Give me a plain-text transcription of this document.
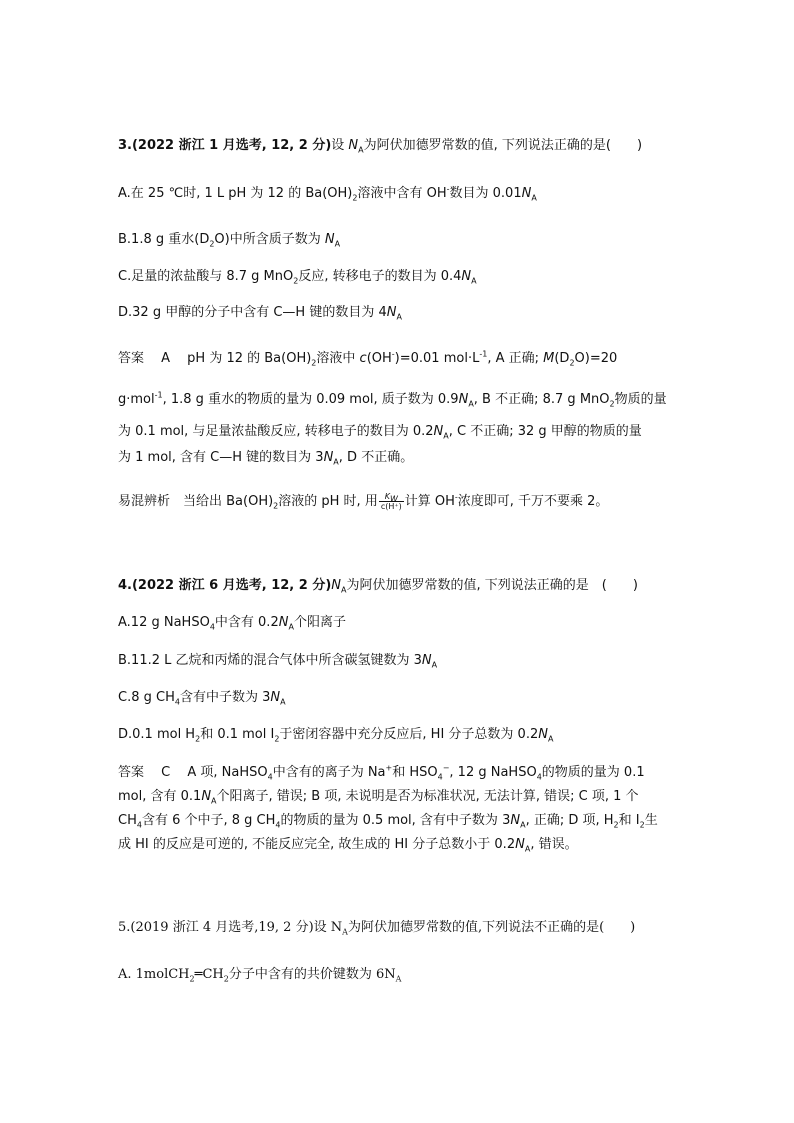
3.(2022 浙江 1 月选考, 12, 2 分)设 $N_A$为阿伏加德罗常数的值, 下列说法正确的是(　　)
A.在 25 ℃时, 1 L pH 为 12 的 $Ba(OH)_2$溶液中含有 OH-数目为 $0.01N_A$
B.1.8 g 重水$(D_2O)$中所含质子数为 $N_A$
C.足量的浓盐酸与 8.7 g MnO$_2$反应, 转移电子的数目为 $0.4N_A$
D.32 g 甲醇的分子中含有 C—H 键的数目为 $4N_A$
答案　 A 　pH 为 12 的 $Ba(OH)_2$溶液中 c(OH-)=0.01 $mol\cdot L^{-1}$, A 正确; $M(D_2O)=20$
g·mol$^{-1}$, 1.8 g 重水的物质的量为 0.09 mol, 质子数为 $0.9N_A$, B 不正确; 8.7 g MnO$_2$物质的量
为 0.1 mol, 与足量浓盐酸反应, 转移电子的数目为 $0.2N_A$, C 不正确; 32 g 甲醇的物质的量
为 1 mol, 含有 C—H 键的数目为 $3N_A$, D 不正确。
易混辨析　当给出 $Ba(OH)_2$溶液的 pH 时, 用 $\frac{K_W}{c(H^+)}$ 计算 OH-浓度即可, 千万不要乘 2。
4.(2022 浙江 6 月选考, 12, 2 分)$N_A$为阿伏加德罗常数的值, 下列说法正确的是　(　　)
A.12 g NaHSO$_4$中含有 $0.2N_A$个阳离子
B.11.2 L 乙烷和丙烯的混合气体中所含碳氢键数为 $3N_A$
C.8 g $CH_4$含有中子数为 $3N_A$
D.0.1 mol $H_2$和 0.1 mol $I_2$于密闭容器中充分反应后, HI 分子总数为 $0.2N_A$
答案　 C 　A 项, NaHSO$_4$中含有的离子为 Na+和 $HSO_4^-$, 12 g NaHSO$_4$的物质的量为 0.1
mol, 含有 $0.1N_A$个阳离子, 错误; B 项, 未说明是否为标准状况, 无法计算, 错误; C 项, 1 个
$CH_4$含有 6 个中子, 8 g $CH_4$的物质的量为 0.5 mol, 含有中子数为 $3N_A$, 正确; D 项, $H_2$和 $I_2$生
成 HI 的反应是可逆的, 不能反应完全, 故生成的 HI 分子总数小于 $0.2N_A$, 错误。
5.(2019 浙江 4 月选考,19, 2 分)设 $N_A$为阿伏加德罗常数的值,下列说法不正确的是(　　)
A. $1molCH_2═CH_2$分子中含有的共价键数为 $6N_A$
